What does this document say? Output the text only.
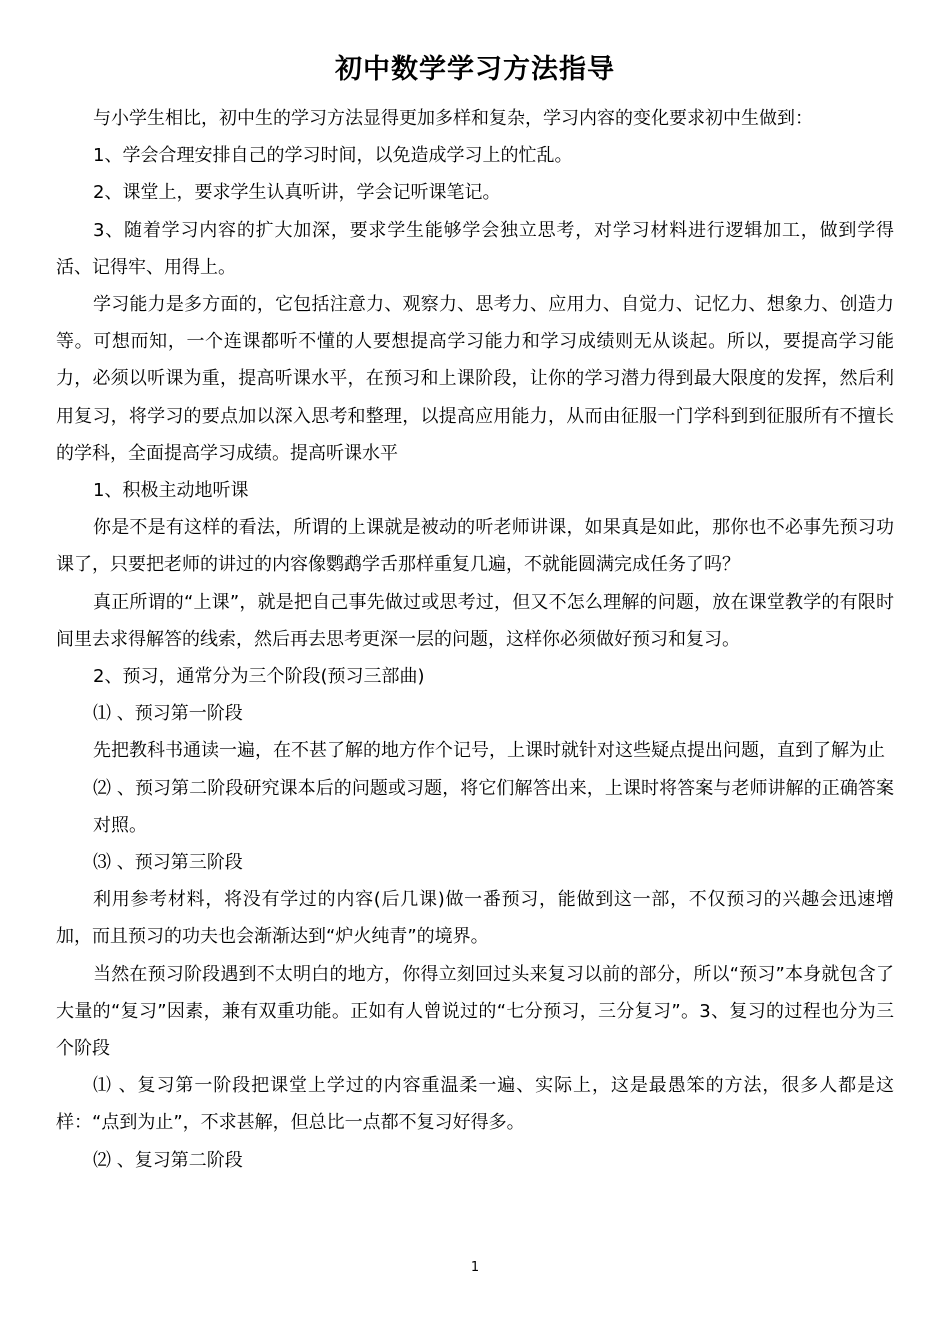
初中数学学习方法指导

与小学生相比，初中生的学习方法显得更加多样和复杂，学习内容的变化要求初中生做到：

1、学会合理安排自己的学习时间，以免造成学习上的忙乱。

2、课堂上，要求学生认真听讲，学会记听课笔记。

3、随着学习内容的扩大加深，要求学生能够学会独立思考，对学习材料进行逻辑加工，做到学得活、记得牢、用得上。

学习能力是多方面的，它包括注意力、观察力、思考力、应用力、自觉力、记忆力、想象力、创造力等。可想而知，一个连课都听不懂的人要想提高学习能力和学习成绩则无从谈起。所以，要提高学习能力，必须以听课为重，提高听课水平，在预习和上课阶段，让你的学习潜力得到最大限度的发挥，然后利用复习，将学习的要点加以深入思考和整理，以提高应用能力，从而由征服一门学科到到征服所有不擅长的学科，全面提高学习成绩。提高听课水平

1、积极主动地听课

你是不是有这样的看法，所谓的上课就是被动的听老师讲课，如果真是如此，那你也不必事先预习功课了，只要把老师的讲过的内容像鹦鹉学舌那样重复几遍，不就能圆满完成任务了吗？

真正所谓的“上课”，就是把自己事先做过或思考过，但又不怎么理解的问题，放在课堂教学的有限时间里去求得解答的线索，然后再去思考更深一层的问题，这样你必须做好预习和复习。

2、预习，通常分为三个阶段(预习三部曲)

⑴ 、预习第一阶段

先把教科书通读一遍，在不甚了解的地方作个记号，上课时就针对这些疑点提出问题，直到了解为止

⑵ 、预习第二阶段研究课本后的问题或习题，将它们解答出来，上课时将答案与老师讲解的正确答案对照。

⑶ 、预习第三阶段

利用参考材料，将没有学过的内容(后几课)做一番预习，能做到这一部，不仅预习的兴趣会迅速增加，而且预习的功夫也会渐渐达到“炉火纯青”的境界。

当然在预习阶段遇到不太明白的地方，你得立刻回过头来复习以前的部分，所以“预习”本身就包含了大量的“复习”因素，兼有双重功能。正如有人曾说过的“七分预习，三分复习”。3、复习的过程也分为三个阶段

⑴ 、复习第一阶段把课堂上学过的内容重温柔一遍、实际上，这是最愚笨的方法，很多人都是这样：“点到为止”，不求甚解，但总比一点都不复习好得多。

⑵ 、复习第二阶段

1
